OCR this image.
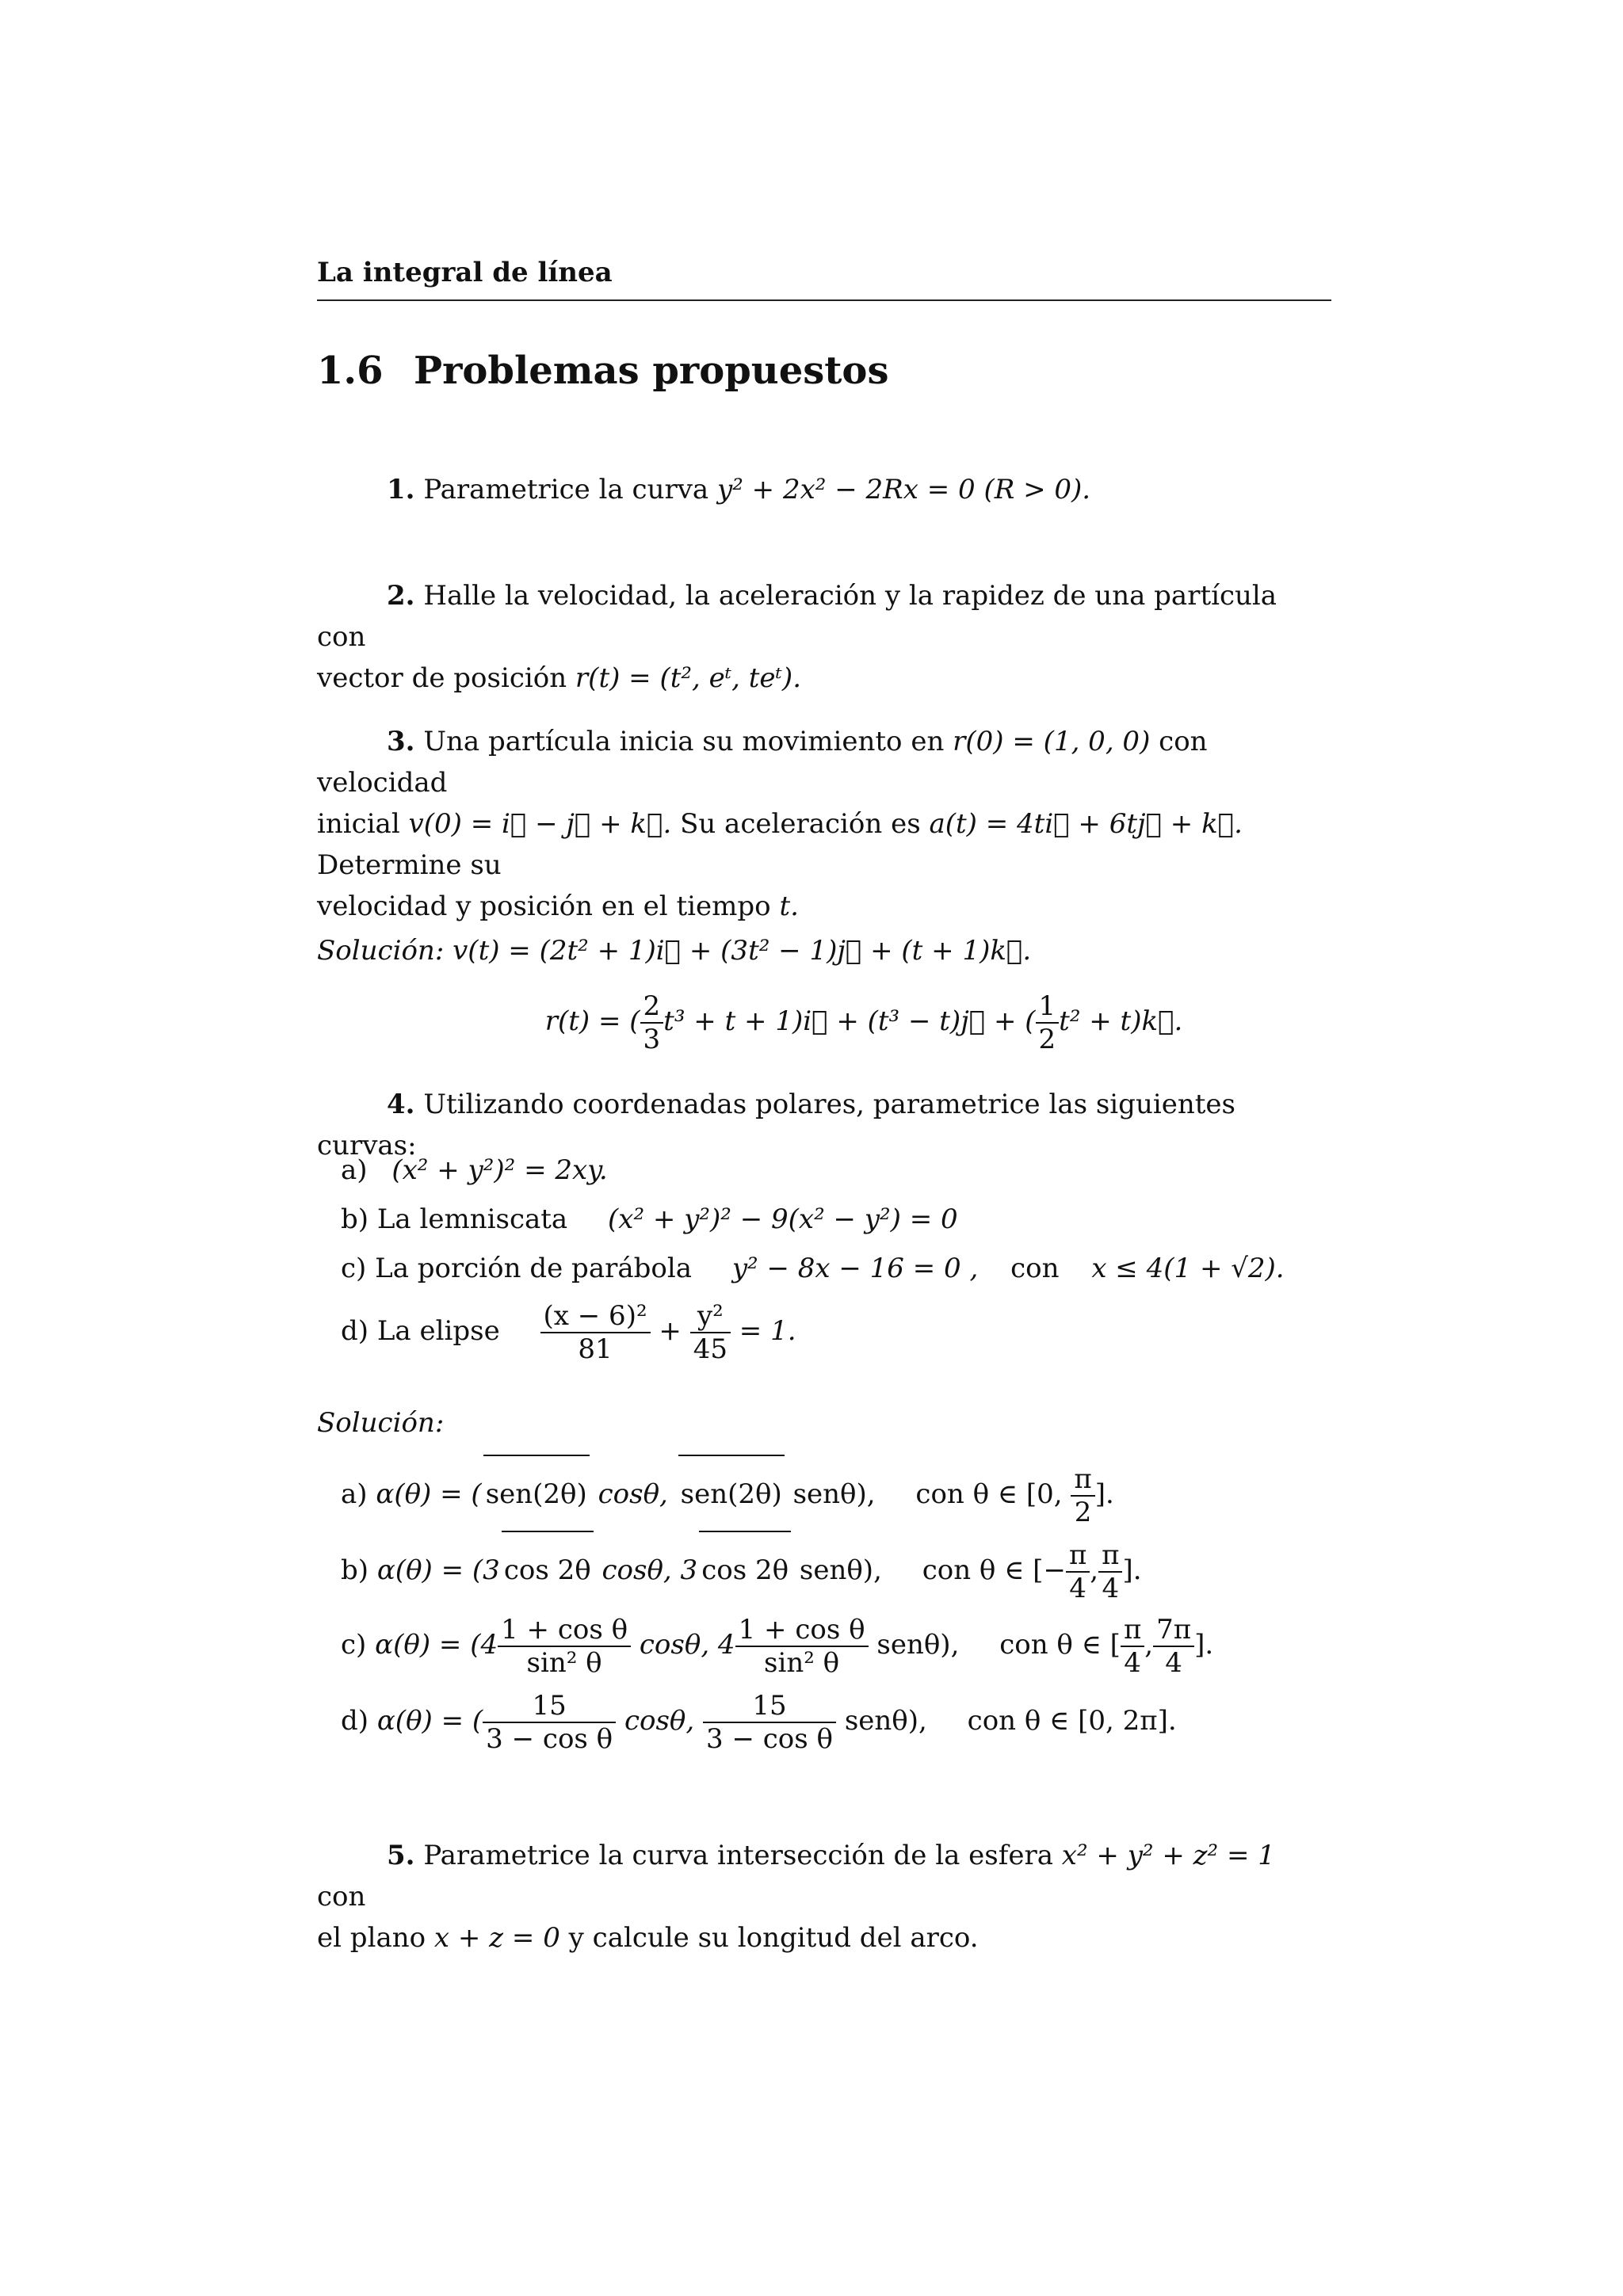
La integral de línea
1.6 Problemas propuestos
1. Parametrice la curva y² + 2x² − 2Rx = 0 (R > 0).
2. Halle la velocidad, la aceleración y la rapidez de una partícula con
vector de posición r(t) = (t², eᵗ, teᵗ).
3. Una partícula inicia su movimiento en r(0) = (1, 0, 0) con velocidad
inicial v(0) = i⃗ − j⃗ + k⃗. Su aceleración es a(t) = 4ti⃗ + 6tj⃗ + k⃗. Determine su
velocidad y posición en el tiempo t.
Solución: v(t) = (2t² + 1)i⃗ + (3t² − 1)j⃗ + (t + 1)k⃗.
r(t) = ( $\frac{2}{3} t^3 + t$ + 1)i⃗ + (t³ − t)j⃗ + ( $\frac{1}{2} t^2$ + t)k⃗.
4. Utilizando coordenadas polares, parametrice las siguientes curvas:
a) (x² + y²)² = 2xy.
b) La lemniscata (x² + y²)² − 9(x² − y²) = 0
c) La porción de parábola y² − 8x − 16 = 0 , con x ≤ 4(1 + √2).
d) La elipse $\frac{\text{(x − 6)²}}{81} + \frac{\text{y²}}{45} = 1$.
Solución:
a) α(θ) = ( sen(2θ) cosθ, sen(2θ) senθ), con θ ∈ [0, $\frac{\pi}{2}$ ].
b) α(θ) = (3 cos 2θ cosθ, 3 cos 2θ senθ), con θ ∈ [− $\frac{\pi}{4}$ , $\frac{\pi}{4}$ ].
c) $\alpha(\theta) = (4 \frac{\text{1 + cos θ}}{\text{sin² θ}} \cos\theta$, $4 \frac{\text{1 + cos θ}}{\text{sin² θ}} sen\theta$), con θ ∈ [ $\frac{\pi}{4}$ , $\frac{7\pi}{4}$ ].
d) α(θ) = ( $\frac{15}{\text{3 − cos θ}} \cos\theta$, $\frac{15}{\text{3 − cos θ}} sen\theta$), con θ ∈ [0, 2π].
5. Parametrice la curva intersección de la esfera x² + y² + z² = 1 con
el plano x + z = 0 y calcule su longitud del arco.
